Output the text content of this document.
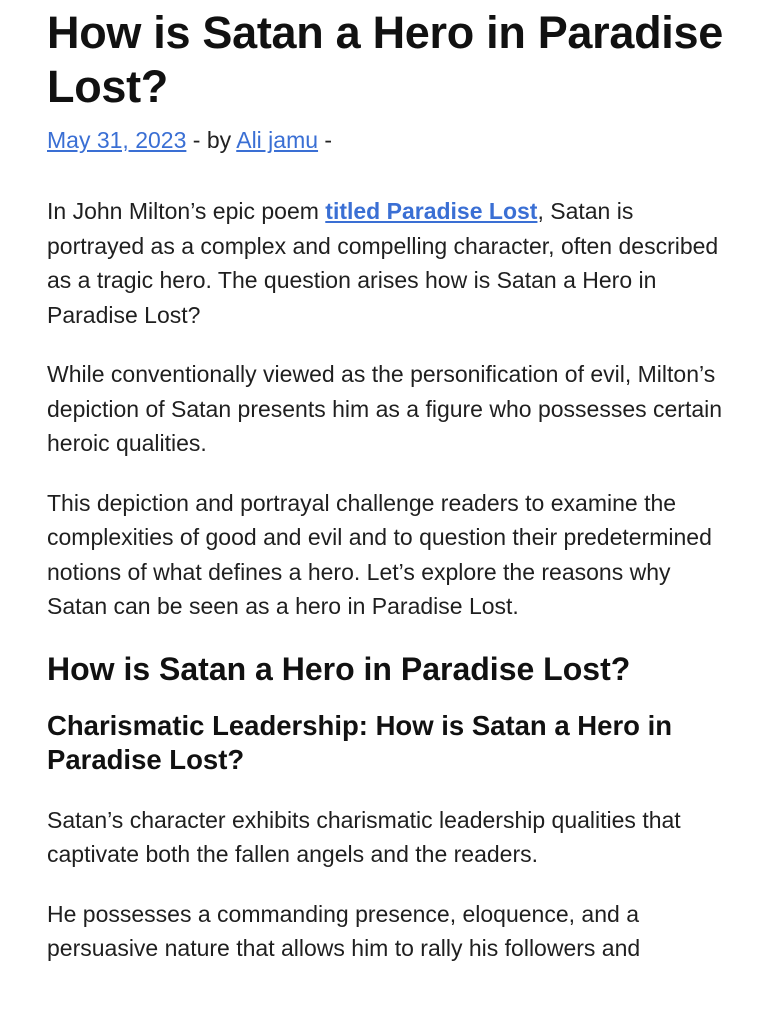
How is Satan a Hero in Paradise Lost?
May 31, 2023 - by Ali jamu -

In John Milton’s epic poem titled Paradise Lost, Satan is portrayed as a complex and compelling character, often described as a tragic hero. The question arises how is Satan a Hero in Paradise Lost?

While conventionally viewed as the personification of evil, Milton’s depiction of Satan presents him as a figure who possesses certain heroic qualities.

This depiction and portrayal challenge readers to examine the complexities of good and evil and to question their predetermined notions of what defines a hero. Let’s explore the reasons why Satan can be seen as a hero in Paradise Lost.

How is Satan a Hero in Paradise Lost?
Charismatic Leadership: How is Satan a Hero in Paradise Lost?

Satan’s character exhibits charismatic leadership qualities that captivate both the fallen angels and the readers.

He possesses a commanding presence, eloquence, and a persuasive nature that allows him to rally his followers and
